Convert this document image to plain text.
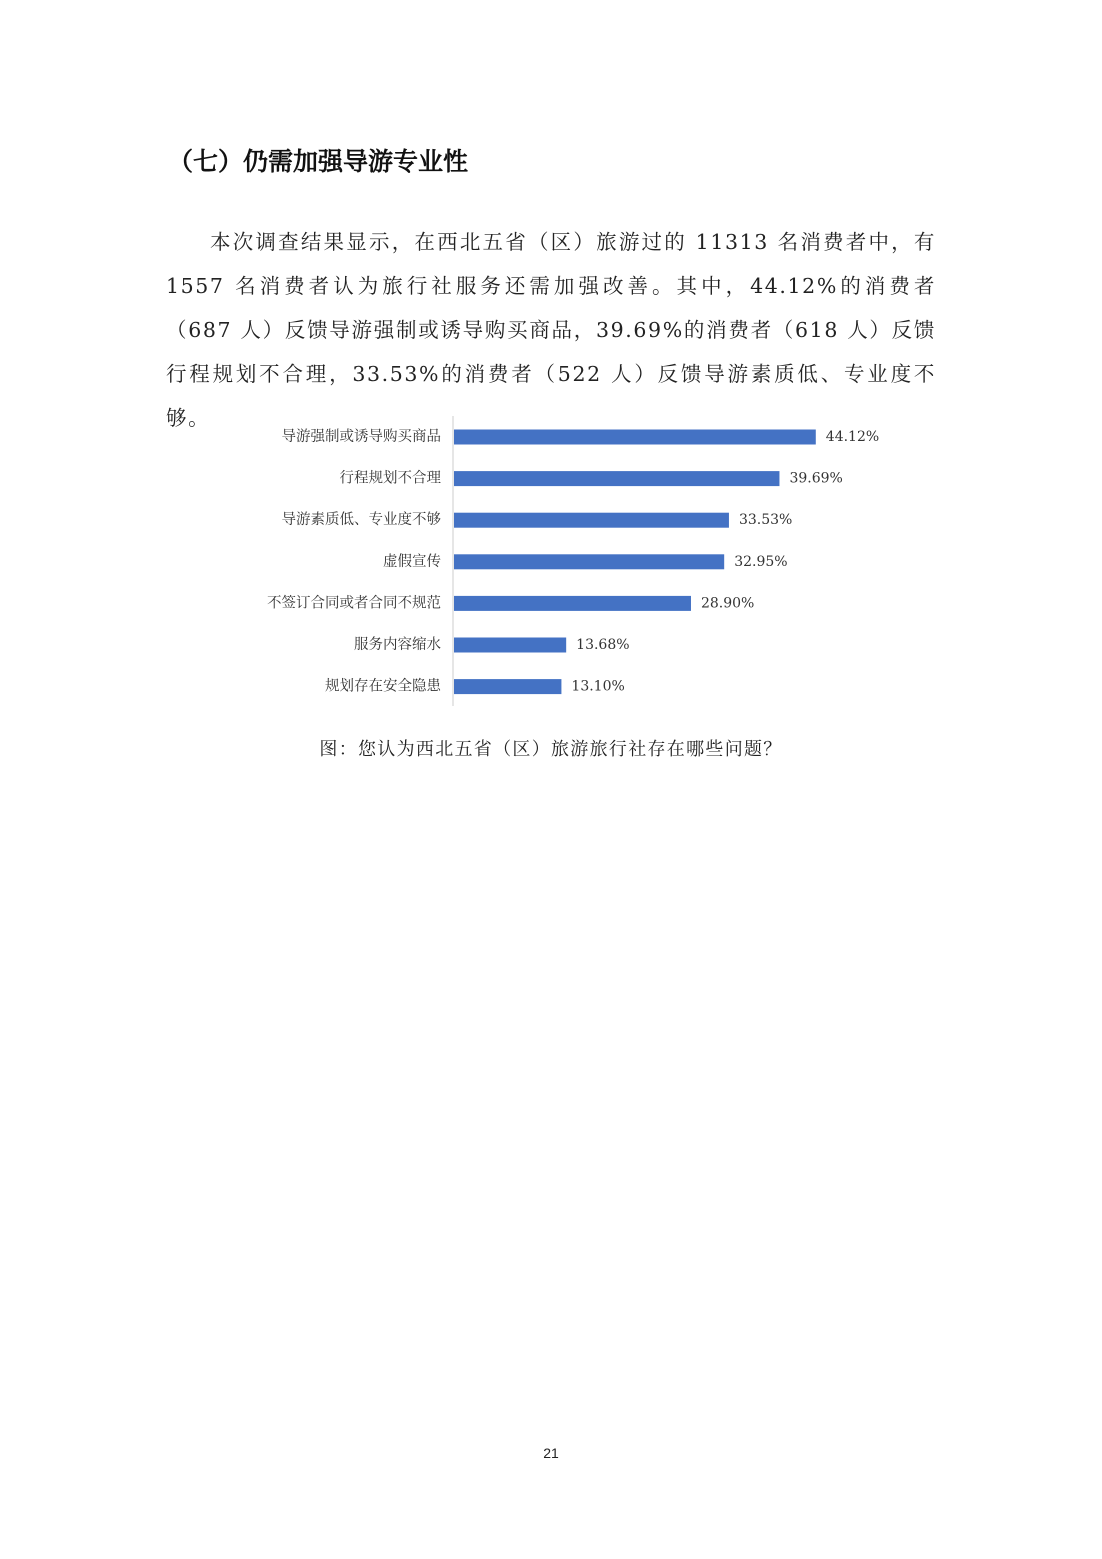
（七）仍需加强导游专业性

本次调查结果显示，在西北五省（区）旅游过的 11313 名消费者中，有 1557 名消费者认为旅行社服务还需加强改善。其中，44.12%的消费者（687 人）反馈导游强制或诱导购买商品，39.69%的消费者（618 人）反馈行程规划不合理，33.53%的消费者（522 人）反馈导游素质低、专业度不够。

导游强制或诱导购买商品	44.12%
行程规划不合理	39.69%
导游素质低、专业度不够	33.53%
虚假宣传	32.95%
不签订合同或者合同不规范	28.90%
服务内容缩水	13.68%
规划存在安全隐患	13.10%
图：您认为西北五省（区）旅游旅行社存在哪些问题？
21
